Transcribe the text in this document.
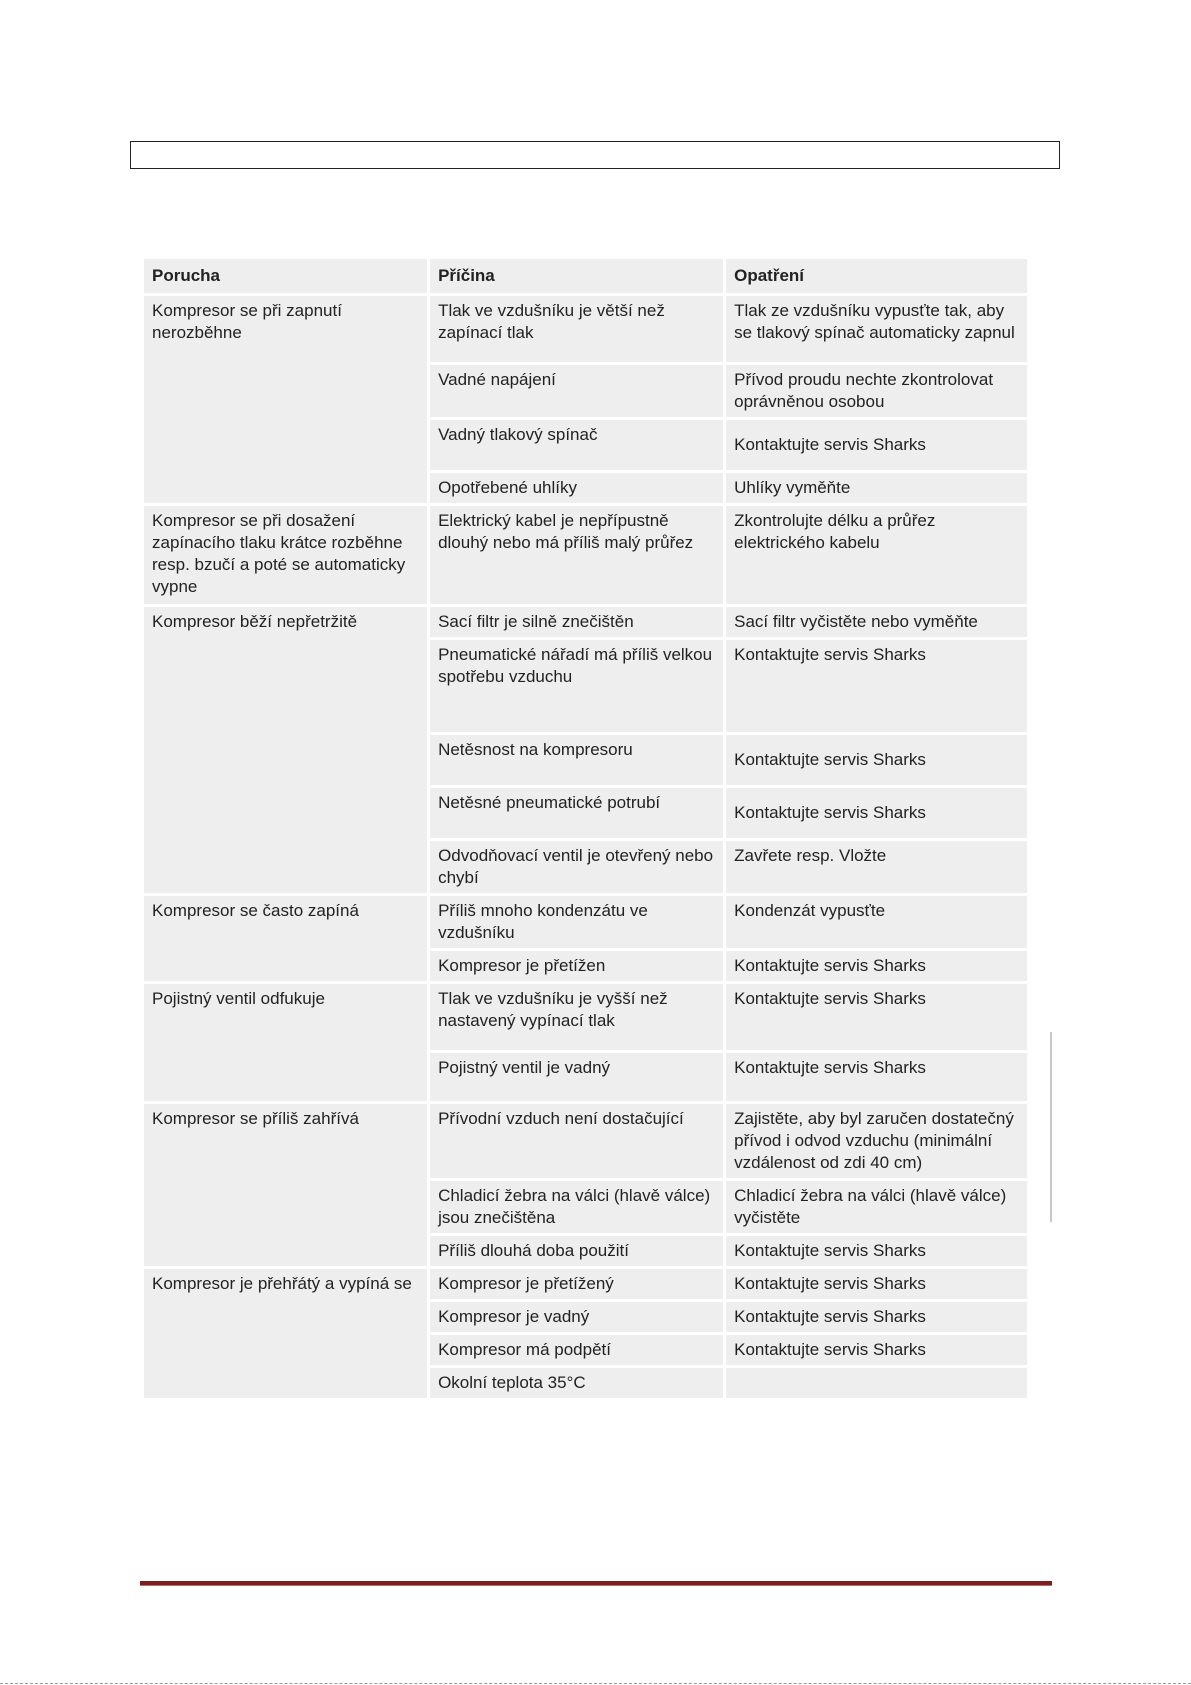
Porucha	Příčina	Opatření
Kompresor se při zapnutí nerozběhne	Tlak ve vzdušníku je větší než zapínací tlak	Tlak ze vzdušníku vypusťte tak, aby se tlakový spínač automaticky zapnul
	Vadné napájení	Přívod proudu nechte zkontrolovat oprávněnou osobou
	Vadný tlakový spínač	Kontaktujte servis Sharks
	Opotřebené uhlíky	Uhlíky vyměňte
Kompresor se při dosažení zapínacího tlaku krátce rozběhne resp. bzučí a poté se automaticky vypne	Elektrický kabel je nepřípustně dlouhý nebo má příliš malý průřez	Zkontrolujte délku a průřez elektrického kabelu
Kompresor běží nepřetržitě	Sací filtr je silně znečištěn	Sací filtr vyčistěte nebo vyměňte
	Pneumatické nářadí má příliš velkou spotřebu vzduchu	Kontaktujte servis Sharks
	Netěsnost na kompresoru	Kontaktujte servis Sharks
	Netěsné pneumatické potrubí	Kontaktujte servis Sharks
	Odvodňovací ventil je otevřený nebo chybí	Zavřete resp. Vložte
Kompresor se často zapíná	Příliš mnoho kondenzátu ve vzdušníku	Kondenzát vypusťte
	Kompresor je přetížen	Kontaktujte servis Sharks
Pojistný ventil odfukuje	Tlak ve vzdušníku je vyšší než nastavený vypínací tlak	Kontaktujte servis Sharks
	Pojistný ventil je vadný	Kontaktujte servis Sharks
Kompresor se příliš zahřívá	Přívodní vzduch není dostačující	Zajistěte, aby byl zaručen dostatečný přívod i odvod vzduchu (minimální vzdálenost od zdi 40 cm)
	Chladicí žebra na válci (hlavě válce) jsou znečištěna	Chladicí žebra na válci (hlavě válce) vyčistěte
	Příliš dlouhá doba použití	Kontaktujte servis Sharks
Kompresor je přehřátý a vypíná se	Kompresor je přetížený	Kontaktujte servis Sharks
	Kompresor je vadný	Kontaktujte servis Sharks
	Kompresor má podpětí	Kontaktujte servis Sharks
	Okolní teplota 35°C	
